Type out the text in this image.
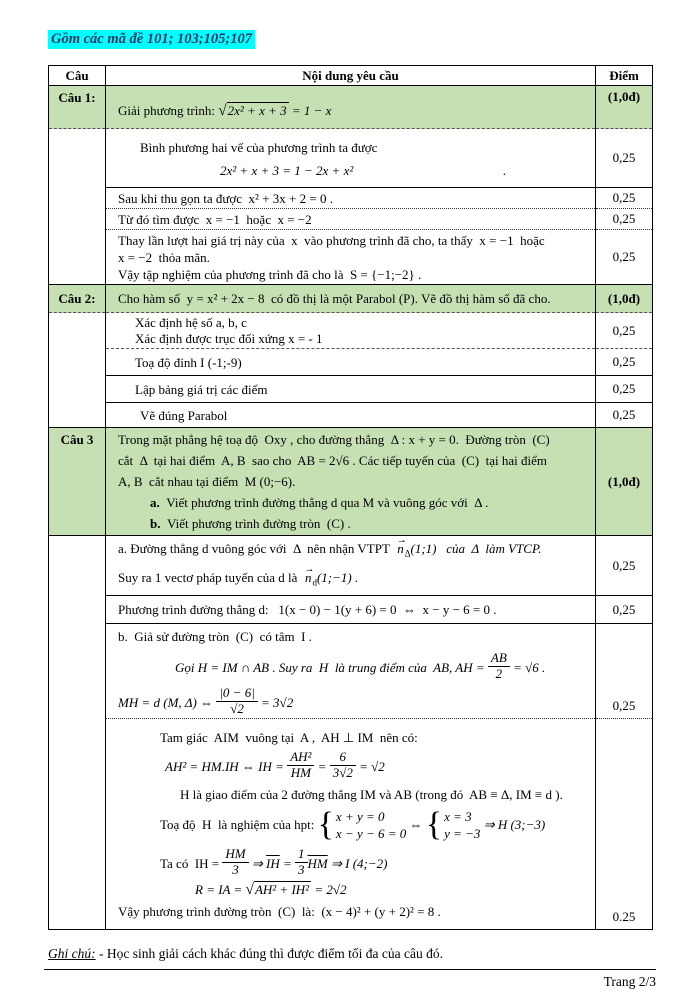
Gồm các mã đề 101; 103;105;107
Câu	Nội dung yêu cầu	Điểm
Câu 1:	Giải phương trình: √ 2x² + x + 3 = 1 − x	(1,0đ)

	Bình phương hai vế của phương trình ta được
2x² + x + 3 = 1 − 2x + x² .	0,25

	Sau khi thu gọn ta được  x² + 3x + 2 = 0 .	0,25

	Từ đó tìm được  x = −1  hoặc  x = −2	0,25

	Thay lần lượt hai giá trị này của  x  vào phương trình đã cho, ta thấy  x = −1  hoặc
x = −2  thỏa mãn.
Vậy tập nghiệm của phương trình đã cho là  S = {−1;−2} .	0,25
Câu 2:	Cho hàm số  y = x² + 2x − 8  có đồ thị là một Parabol (P). Vẽ đồ thị hàm số đã cho.	(1,0đ)

	Xác định hệ số a, b, c
Xác định được trục đối xứng x = - 1	0,25

	Toạ độ đỉnh I (-1;-9)	0,25

	Lập bảng giá trị các điểm	0,25

	Vẽ đúng Parabol	0,25
Câu 3	Trong mặt phẳng hệ toạ độ  Oxy , cho đường thẳng  Δ : x + y = 0.  Đường tròn  (C)
cắt  Δ  tại hai điểm  A, B  sao cho  AB = 2√6 . Các tiếp tuyến của  (C)  tại hai điểm
A, B  cắt nhau tại điểm  M (0;−6).
a. Viết phương trình đường thẳng d qua M và vuông góc với  Δ .
b. Viết phương trình đường tròn  (C) .	(1,0đ)

	a. Đường thẳng d vuông góc với  Δ  nên nhận VTPT  n $⇀_\Delta(1;1)$   của  Δ  làm VTCP.
Suy ra 1 vectơ pháp tuyến của d là  n $⇀_d(1;-1)$ .	0,25

	Phương trình đường thẳng d:   1(x − 0) − 1(y + 6) = 0  ⇔  x − y − 6 = 0 .	0,25

b.  Giả sử đường tròn  (C)  có tâm  I .
Gọi H = IM ∩ AB . Suy ra  H  là trung điểm của  AB, AH = $\frac{AB}{2} = √6$ .
MH = d (M, Δ) ⇔ $\frac{|0 - 6|}{√2} = 3√2$	0,25

Tam giác  AIM  vuông tại  A ,  AH ⊥ IM  nên có:
AH² = HM.IH ⇔ IH = $\frac{\text{AH²}}{HM} = \frac{6}{3√2} = √2$
H là giao điểm của 2 đường thẳng IM và AB (trong đó  AB ≡ Δ, IM ≡ d ).
Toạ độ  H  là nghiệm của hpt:
{ x + y = 0
x − y − 6 = 0
⇔
{ x = 3
y = −3
⇒ H (3;−3)
Ta có  IH = $\frac{HM}{3}$ ⇒ $\overline{IH} = \frac{1}{3} \overline{HM}$ ⇒ I (4;−2)
R = IA = √ AH² + IH² = 2√2
Vậy phương trình đường tròn  (C)  là:  (x − 4)² + (y + 2)² = 8 .	0.25
Ghi chú: - Học sinh giải cách khác đúng thì được điểm tối đa của câu đó.
Trang 2/3
